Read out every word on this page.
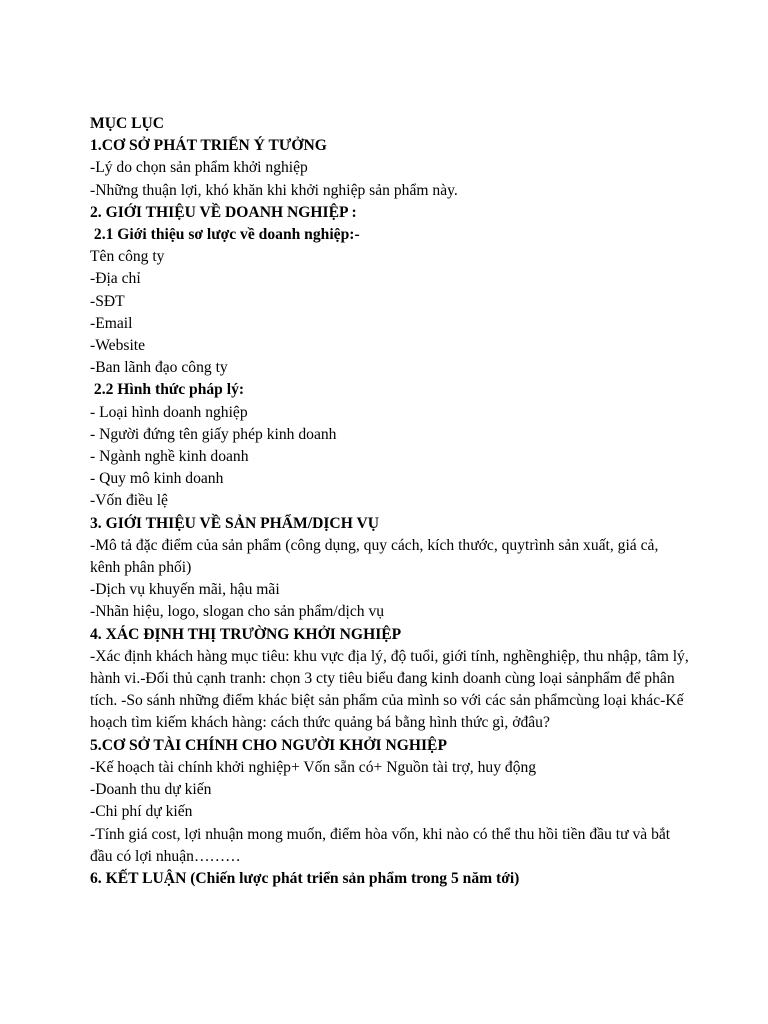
MỤC LỤC

1.CƠ SỞ PHÁT TRIỂN Ý TƯỞNG

-Lý do chọn sản phẩm khởi nghiệp

-Những thuận lợi, khó khăn khi khởi nghiệp sản phẩm này.

2. GIỚI THIỆU VỀ DOANH NGHIỆP :

2.1 Giới thiệu sơ lược về doanh nghiệp:-

Tên công ty

-Địa chỉ

-SĐT

-Email

-Website

-Ban lãnh đạo công ty

2.2 Hình thức pháp lý:

- Loại hình doanh nghiệp

- Người đứng tên giấy phép kinh doanh

- Ngành nghề kinh doanh

- Quy mô kinh doanh

-Vốn điều lệ

3. GIỚI THIỆU VỀ SẢN PHẨM/DỊCH VỤ

-Mô tả đặc điểm của sản phẩm (công dụng, quy cách, kích thước, quytrình sản xuất, giá cả, kênh phân phối)

-Dịch vụ khuyến mãi, hậu mãi

-Nhãn hiệu, logo, slogan cho sản phẩm/dịch vụ

4. XÁC ĐỊNH THỊ TRƯỜNG KHỞI NGHIỆP

-Xác định khách hàng mục tiêu: khu vực địa lý, độ tuổi, giới tính, nghềnghiệp, thu nhập, tâm lý, hành vi.-Đối thủ cạnh tranh: chọn 3 cty tiêu biểu đang kinh doanh cùng loại sảnphẩm để phân tích. -So sánh những điểm khác biệt sản phẩm của mình so với các sản phẩmcùng loại khác-Kế hoạch tìm kiếm khách hàng: cách thức quảng bá bằng hình thức gì, ởđâu?

5.CƠ SỞ TÀI CHÍNH CHO NGƯỜI KHỞI NGHIỆP

-Kế hoạch tài chính khởi nghiệp+ Vốn sẵn có+ Nguồn tài trợ, huy động

-Doanh thu dự kiến

-Chi phí dự kiến

-Tính giá cost, lợi nhuận mong muốn, điểm hòa vốn, khi nào có thể thu hồi tiền đầu tư và bắt đầu có lợi nhuận………

6. KẾT LUẬN (Chiến lược phát triển sản phẩm trong 5 năm tới)
